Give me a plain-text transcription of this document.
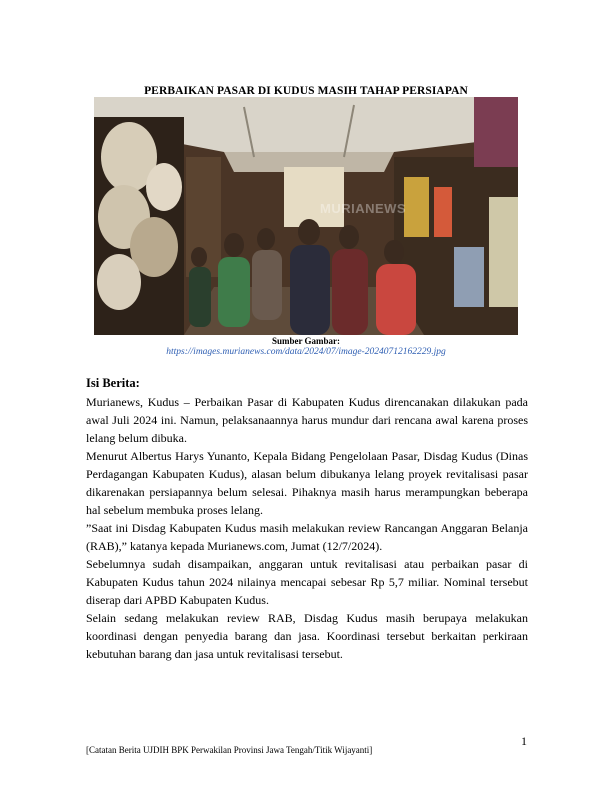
PERBAIKAN PASAR DI KUDUS MASIH TAHAP PERSIAPAN
MURIANEWS
Sumber Gambar:
https://images.murianews.com/data/2024/07/image-20240712162229.jpg
Isi Berita:

Murianews, Kudus – Perbaikan Pasar di Kabupaten Kudus direncanakan dilakukan pada awal Juli 2024 ini. Namun, pelaksanaannya harus mundur dari rencana awal karena proses lelang belum dibuka.

Menurut Albertus Harys Yunanto, Kepala Bidang Pengelolaan Pasar, Disdag Kudus (Dinas Perdagangan Kabupaten Kudus), alasan belum dibukanya lelang proyek revitalisasi pasar dikarenakan persiapannya belum selesai. Pihaknya masih harus merampungkan beberapa hal sebelum membuka proses lelang.

”Saat ini Disdag Kabupaten Kudus masih melakukan review Rancangan Anggaran Belanja (RAB),” katanya kepada Murianews.com, Jumat (12/7/2024).

Sebelumnya sudah disampaikan, anggaran untuk revitalisasi atau perbaikan pasar di Kabupaten Kudus tahun 2024 nilainya mencapai sebesar Rp 5,7 miliar. Nominal tersebut diserap dari APBD Kabupaten Kudus.

Selain sedang melakukan review RAB, Disdag Kudus masih berupaya melakukan koordinasi dengan penyedia barang dan jasa. Koordinasi tersebut berkaitan perkiraan kebutuhan barang dan jasa untuk revitalisasi tersebut.

1
[Catatan Berita UJDIH BPK Perwakilan Provinsi Jawa Tengah/Titik Wijayanti]
